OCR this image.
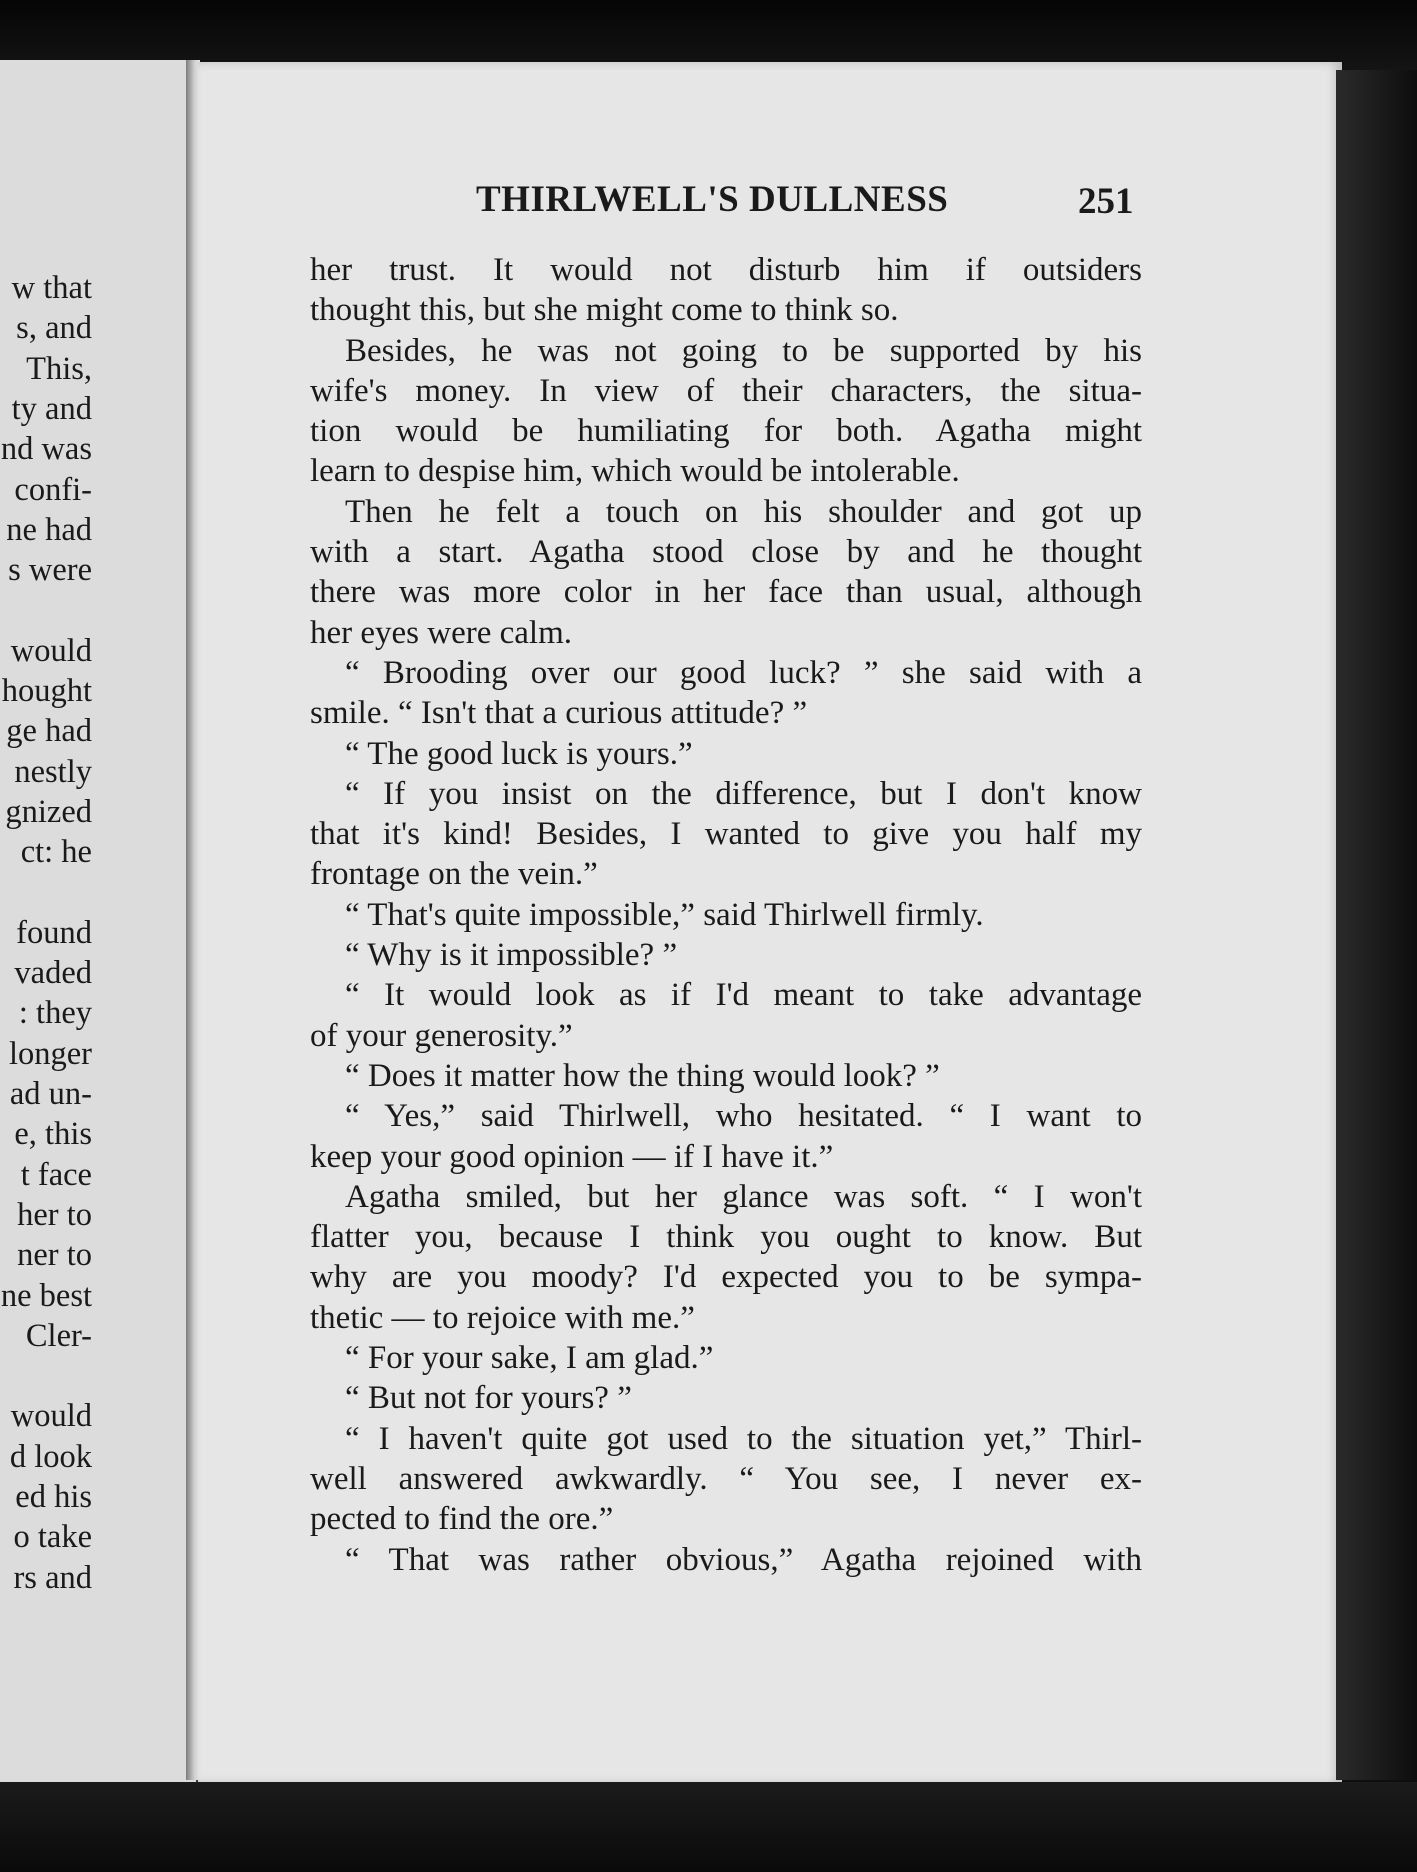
w that
s, and
This,
ty and
nd was
confi-
ne had
s were
would
hought
ge had
nestly
gnized
ct: he
found
vaded
: they
longer
ad un-
e, this
t face
her to
ner to
ne best
Cler-
would
d look
ed his
o take
rs and
THIRLWELL'S DULLNESS	251
her trust. It would not disturb him if outsiders
thought this, but she might come to think so.
Besides, he was not going to be supported by his
wife's money. In view of their characters, the situa-
tion would be humiliating for both. Agatha might
learn to despise him, which would be intolerable.
Then he felt a touch on his shoulder and got up
with a start. Agatha stood close by and he thought
there was more color in her face than usual, although
her eyes were calm.
“ Brooding over our good luck? ” she said with a
smile. “ Isn't that a curious attitude? ”
“ The good luck is yours.”
“ If you insist on the difference, but I don't know
that it's kind! Besides, I wanted to give you half my
frontage on the vein.”
“ That's quite impossible,” said Thirlwell firmly.
“ Why is it impossible? ”
“ It would look as if I'd meant to take advantage
of your generosity.”
“ Does it matter how the thing would look? ”
“ Yes,” said Thirlwell, who hesitated. “ I want to
keep your good opinion — if I have it.”
Agatha smiled, but her glance was soft. “ I won't
flatter you, because I think you ought to know. But
why are you moody? I'd expected you to be sympa-
thetic — to rejoice with me.”
“ For your sake, I am glad.”
“ But not for yours? ”
“ I haven't quite got used to the situation yet,” Thirl-
well answered awkwardly. “ You see, I never ex-
pected to find the ore.”
“ That was rather obvious,” Agatha rejoined with
